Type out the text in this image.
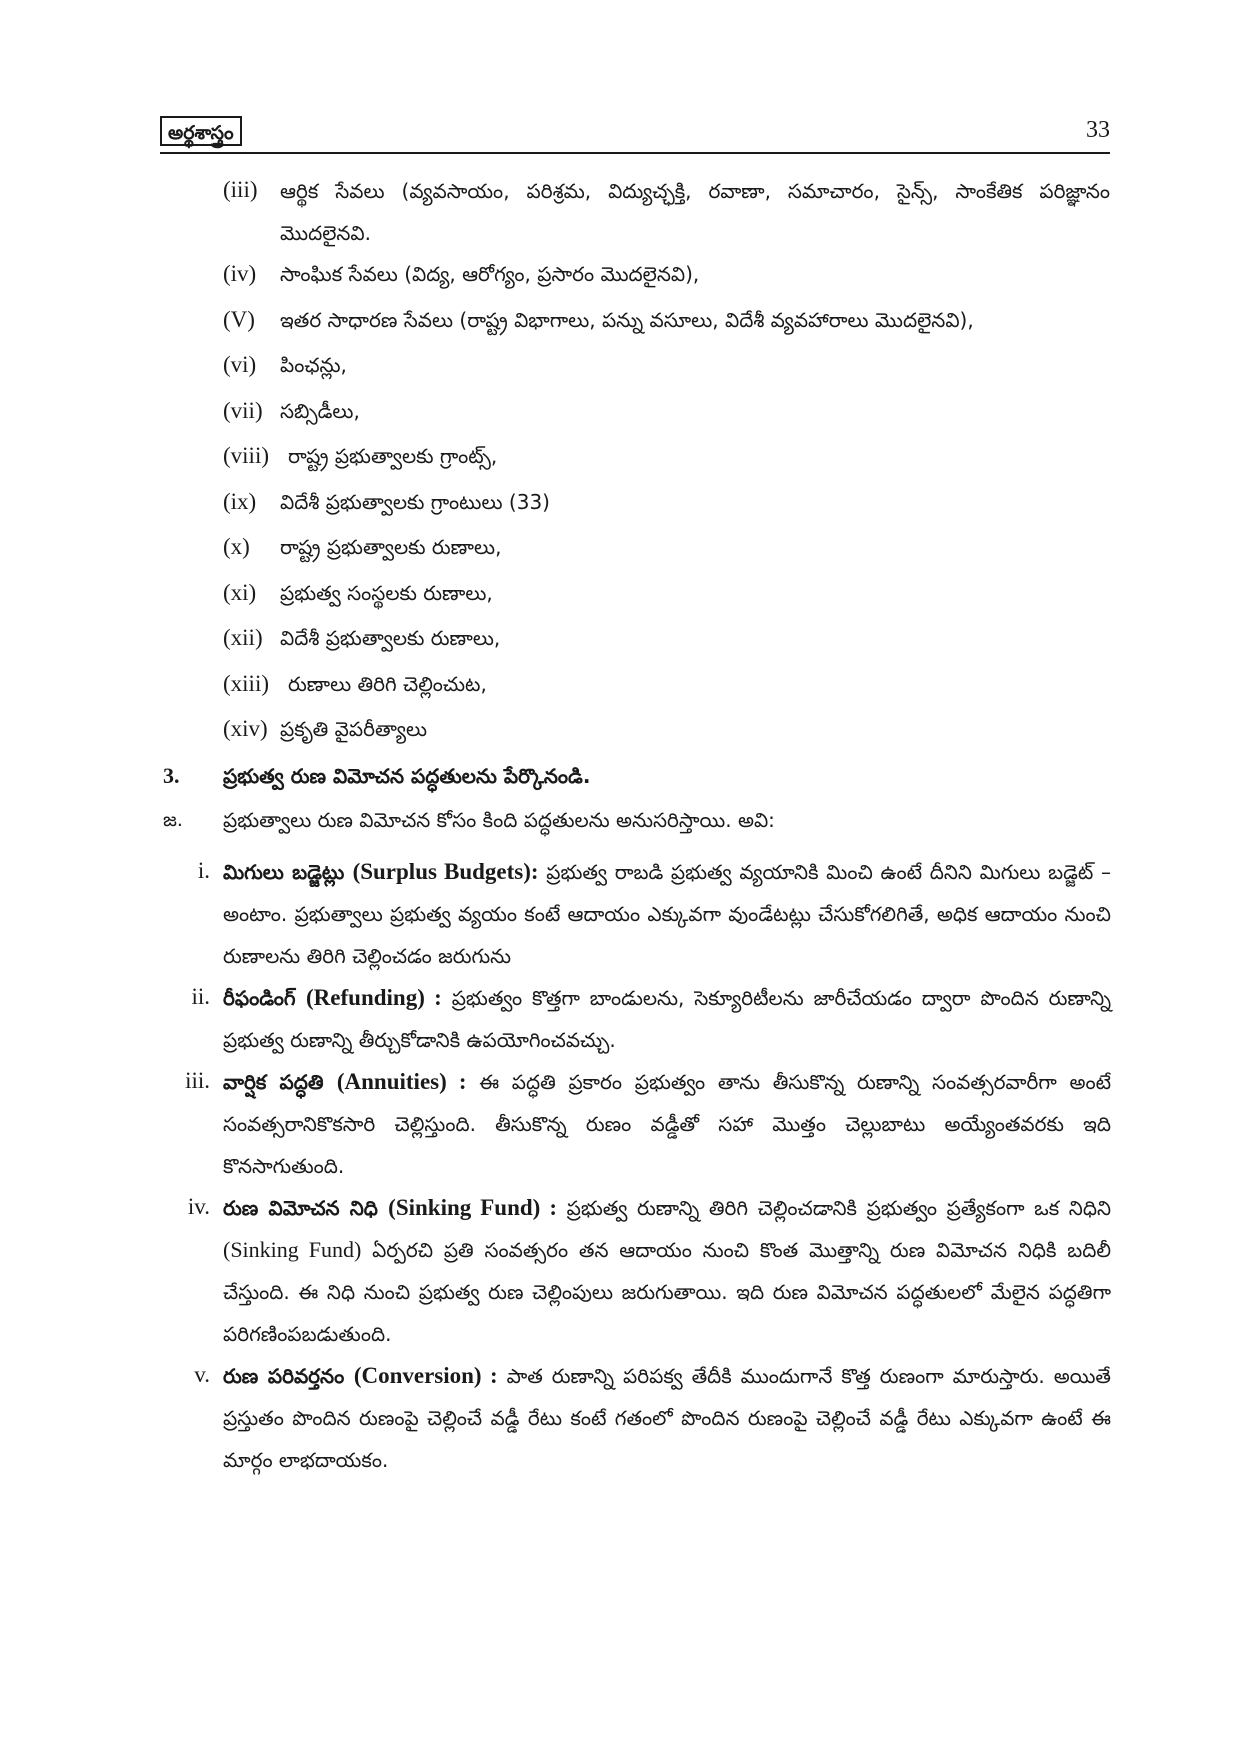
అర్థశాస్త్రం	33
(iii) ఆర్థిక సేవలు (వ్యవసాయం, పరిశ్రమ, విద్యుచ్ఛక్తి, రవాణా, సమాచారం, సైన్స్, సాంకేతిక పరిజ్ఞానం మొదలైనవి.
(iv) సాంఘిక సేవలు (విద్య, ఆరోగ్యం, ప్రసారం మొదలైనవి),
(V) ఇతర సాధారణ సేవలు (రాష్ట్ర విభాగాలు, పన్ను వసూలు, విదేశీ వ్యవహారాలు మొదలైనవి),
(vi) పింఛన్లు,
(vii) సబ్సిడీలు,
(viii) రాష్ట్ర ప్రభుత్వాలకు గ్రాంట్స్,
(ix) విదేశీ ప్రభుత్వాలకు గ్రాంటులు (33)
(x) రాష్ట్ర ప్రభుత్వాలకు రుణాలు,
(xi) ప్రభుత్వ సంస్థలకు రుణాలు,
(xii) విదేశీ ప్రభుత్వాలకు రుణాలు,
(xiii) రుణాలు తిరిగి చెల్లించుట,
(xiv) ప్రకృతి వైపరీత్యాలు
3. ప్రభుత్వ రుణ విమోచన పద్ధతులను పేర్కొనండి.
జ. ప్రభుత్వాలు రుణ విమోచన కోసం కింది పద్ధతులను అనుసరిస్తాయి. అవి:
i. మిగులు బడ్జెట్లు (Surplus Budgets): ప్రభుత్వ రాబడి ప్రభుత్వ వ్యయానికి మించి ఉంటే దీనిని మిగులు బడ్జెట్ – అంటాం. ప్రభుత్వాలు ప్రభుత్వ వ్యయం కంటే ఆదాయం ఎక్కువగా వుండేటట్లు చేసుకోగలిగితే, అధిక ఆదాయం నుంచి రుణాలను తిరిగి చెల్లించడం జరుగును
ii. రీఫండింగ్ (Refunding) : ప్రభుత్వం కొత్తగా బాండులను, సెక్యూరిటీలను జారీచేయడం ద్వారా పొందిన రుణాన్ని ప్రభుత్వ రుణాన్ని తీర్చుకోడానికి ఉపయోగించవచ్చు.
iii. వార్షిక పద్ధతి (Annuities) : ఈ పద్ధతి ప్రకారం ప్రభుత్వం తాను తీసుకొన్న రుణాన్ని సంవత్సరవారీగా అంటే సంవత్సరానికొకసారి చెల్లిస్తుంది. తీసుకొన్న రుణం వడ్డీతో సహా మొత్తం చెల్లుబాటు అయ్యేంతవరకు ఇది కొనసాగుతుంది.
iv. రుణ విమోచన నిధి (Sinking Fund) : ప్రభుత్వ రుణాన్ని తిరిగి చెల్లించడానికి ప్రభుత్వం ప్రత్యేకంగా ఒక నిధిని (Sinking Fund) ఏర్పరచి ప్రతి సంవత్సరం తన ఆదాయం నుంచి కొంత మొత్తాన్ని రుణ విమోచన నిధికి బదిలీ చేస్తుంది. ఈ నిధి నుంచి ప్రభుత్వ రుణ చెల్లింపులు జరుగుతాయి. ఇది రుణ విమోచన పద్ధతులలో మేలైన పద్ధతిగా పరిగణింపబడుతుంది.
v. రుణ పరివర్తనం (Conversion) : పాత రుణాన్ని పరిపక్వ తేదీకి ముందుగానే కొత్త రుణంగా మారుస్తారు. అయితే ప్రస్తుతం పొందిన రుణంపై చెల్లించే వడ్డీ రేటు కంటే గతంలో పొందిన రుణంపై చెల్లించే వడ్డీ రేటు ఎక్కువగా ఉంటే ఈ మార్గం లాభదాయకం.
